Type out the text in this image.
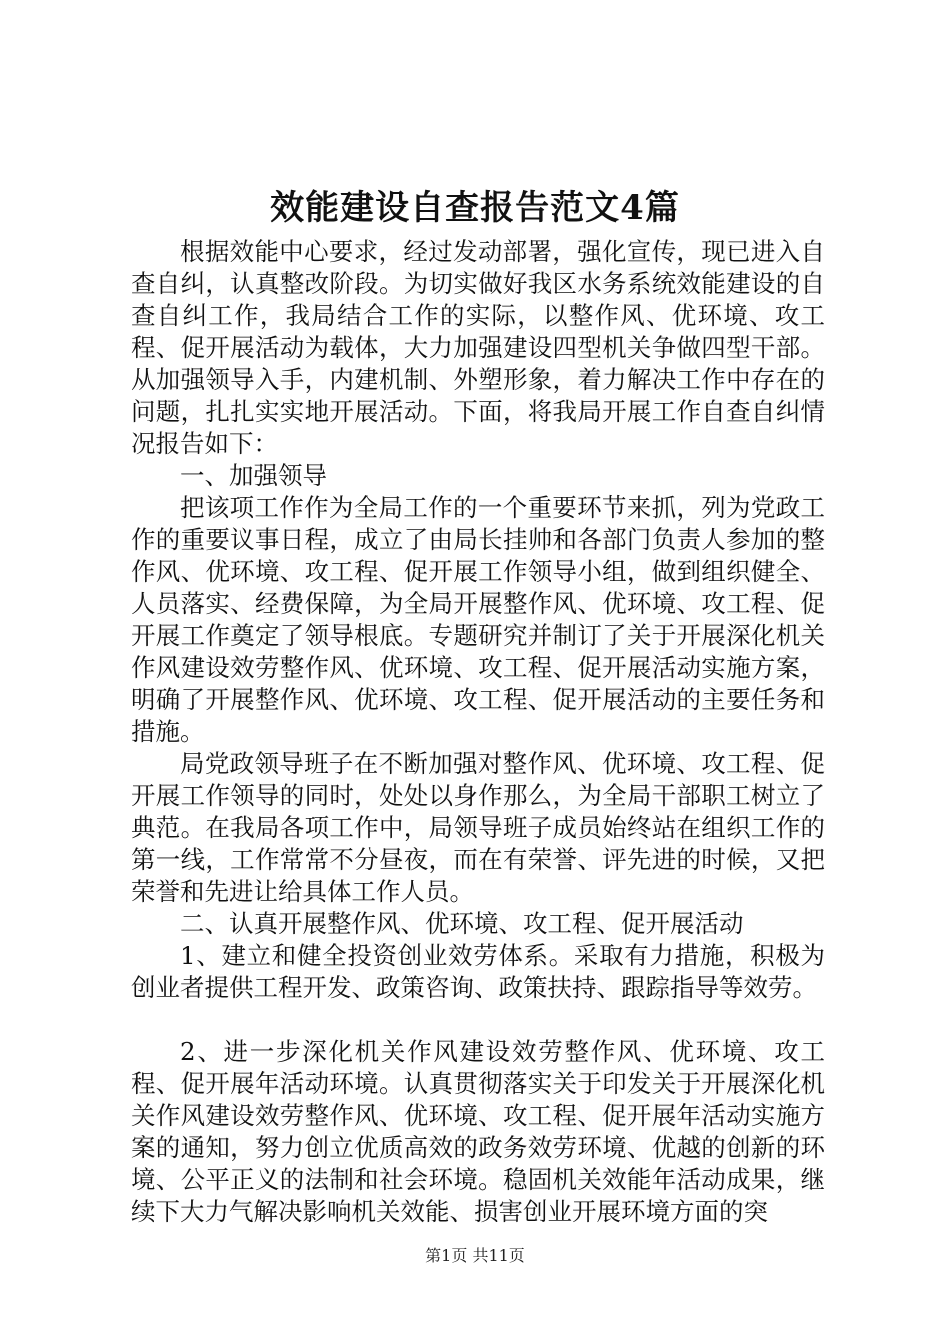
效能建设自查报告范文4篇

根据效能中心要求，经过发动部署，强化宣传，现已进入自查自纠，认真整改阶段。为切实做好我区水务系统效能建设的自查自纠工作，我局结合工作的实际，以整作风、优环境、攻工程、促开展活动为载体，大力加强建设四型机关争做四型干部。从加强领导入手，内建机制、外塑形象，着力解决工作中存在的问题，扎扎实实地开展活动。下面，将我局开展工作自查自纠情况报告如下：

一、加强领导

把该项工作作为全局工作的一个重要环节来抓，列为党政工作的重要议事日程，成立了由局长挂帅和各部门负责人参加的整作风、优环境、攻工程、促开展工作领导小组，做到组织健全、人员落实、经费保障，为全局开展整作风、优环境、攻工程、促开展工作奠定了领导根底。专题研究并制订了关于开展深化机关作风建设效劳整作风、优环境、攻工程、促开展活动实施方案，明确了开展整作风、优环境、攻工程、促开展活动的主要任务和措施。

局党政领导班子在不断加强对整作风、优环境、攻工程、促开展工作领导的同时，处处以身作那么，为全局干部职工树立了典范。在我局各项工作中，局领导班子成员始终站在组织工作的第一线，工作常常不分昼夜，而在有荣誉、评先进的时候，又把荣誉和先进让给具体工作人员。

二、认真开展整作风、优环境、攻工程、促开展活动

1、建立和健全投资创业效劳体系。采取有力措施，积极为创业者提供工程开发、政策咨询、政策扶持、跟踪指导等效劳。

2、进一步深化机关作风建设效劳整作风、优环境、攻工程、促开展年活动环境。认真贯彻落实关于印发关于开展深化机关作风建设效劳整作风、优环境、攻工程、促开展年活动实施方案的通知，努力创立优质高效的政务效劳环境、优越的创新的环境、公平正义的法制和社会环境。稳固机关效能年活动成果，继续下大力气解决影响机关效能、损害创业开展环境方面的突

第1页 共11页
